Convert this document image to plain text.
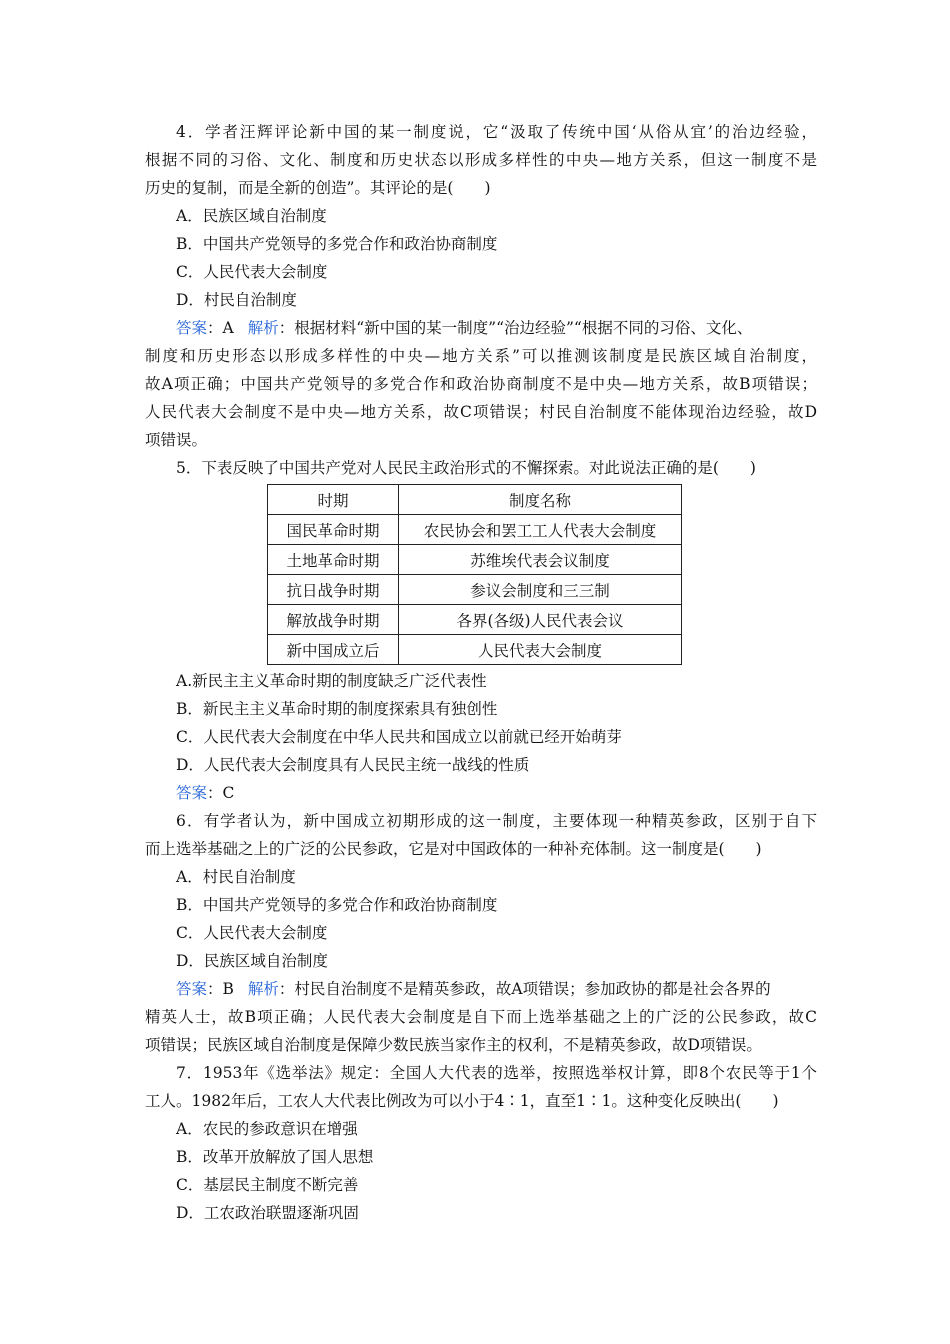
4．学者汪辉评论新中国的某一制度说，它“汲取了传统中国‘从俗从宜’的治边经验，
根据不同的习俗、文化、制度和历史状态以形成多样性的中央—地方关系，但这一制度不是
历史的复制，而是全新的创造”。其评论的是(　　)
A．民族区域自治制度
B．中国共产党领导的多党合作和政治协商制度
C．人民代表大会制度
D．村民自治制度
答案：A 解析：根据材料“新中国的某一制度”“治边经验”“根据不同的习俗、文化、
制度和历史形态以形成多样性的中央—地方关系”可以推测该制度是民族区域自治制度，
故A项正确；中国共产党领导的多党合作和政治协商制度不是中央—地方关系，故B项错误；
人民代表大会制度不是中央—地方关系，故C项错误；村民自治制度不能体现治边经验，故D
项错误。
5．下表反映了中国共产党对人民民主政治形式的不懈探索。对此说法正确的是(　　)
时期	制度名称
国民革命时期	农民协会和罢工工人代表大会制度
土地革命时期	苏维埃代表会议制度
抗日战争时期	参议会制度和三三制
解放战争时期	各界(各级)人民代表会议
新中国成立后	人民代表大会制度
A.新民主主义革命时期的制度缺乏广泛代表性
B．新民主主义革命时期的制度探索具有独创性
C．人民代表大会制度在中华人民共和国成立以前就已经开始萌芽
D．人民代表大会制度具有人民民主统一战线的性质
答案：C
6．有学者认为，新中国成立初期形成的这一制度，主要体现一种精英参政，区别于自下
而上选举基础之上的广泛的公民参政，它是对中国政体的一种补充体制。这一制度是(　　)
A．村民自治制度
B．中国共产党领导的多党合作和政治协商制度
C．人民代表大会制度
D．民族区域自治制度
答案：B 解析：村民自治制度不是精英参政，故A项错误；参加政协的都是社会各界的
精英人士，故B项正确；人民代表大会制度是自下而上选举基础之上的广泛的公民参政，故C
项错误；民族区域自治制度是保障少数民族当家作主的权利，不是精英参政，故D项错误。
7．1953年《选举法》规定：全国人大代表的选举，按照选举权计算，即8个农民等于1个
工人。1982年后，工农人大代表比例改为可以小于4∶1，直至1∶1。这种变化反映出(　　)
A．农民的参政意识在增强
B．改革开放解放了国人思想
C．基层民主制度不断完善
D．工农政治联盟逐渐巩固
